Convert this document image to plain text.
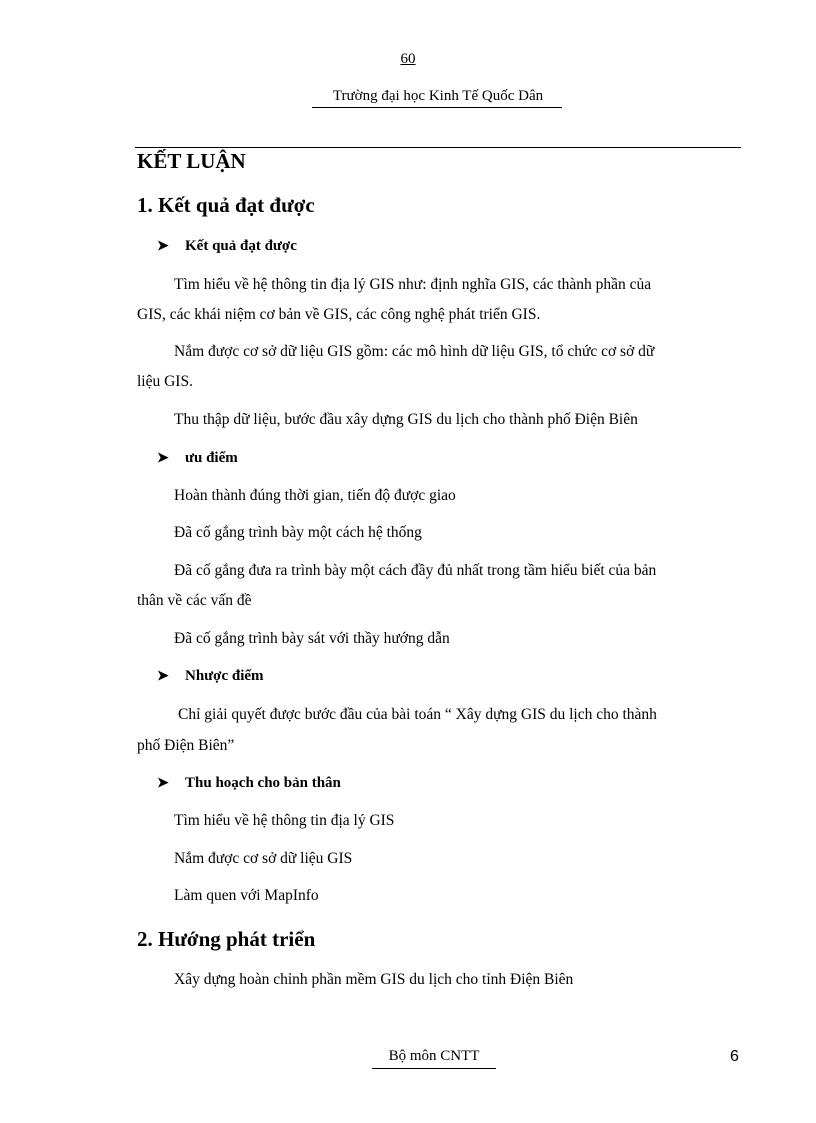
60
Trường đại học Kinh Tế Quốc Dân
KẾT LUẬN
1. Kết quả đạt được
➤ Kết quả đạt được
Tìm hiểu về hệ thông tin địa lý GIS như: định nghĩa GIS, các thành phần của
GIS, các khái niệm cơ bản về GIS, các công nghệ phát triển GIS.
Nắm được cơ sở dữ liệu GIS gồm: các mô hình dữ liệu GIS, tổ chức cơ sở dữ
liệu GIS.
Thu thập dữ liệu, bước đầu xây dựng GIS du lịch cho thành phố Điện Biên
➤ ưu điểm
Hoàn thành đúng thời gian, tiến độ được giao
Đã cố gắng trình bày một cách hệ thống
Đã cố gắng đưa ra trình bày một cách đầy đủ nhất trong tầm hiểu biết của bản
thân về các vấn đề
Đã cố gắng trình bày sát với thầy hướng dẫn
➤ Nhược điểm
Chỉ giải quyết được bước đầu của bài toán “ Xây dựng GIS du lịch cho thành
phố Điện Biên”
➤ Thu hoạch cho bản thân
Tìm hiểu về hệ thông tin địa lý GIS
Nắm được cơ sở dữ liệu GIS
Làm quen với MapInfo
2. Hướng phát triển
Xây dựng hoàn chỉnh phần mềm GIS du lịch cho tỉnh Điện Biên
Bộ môn CNTT	6
